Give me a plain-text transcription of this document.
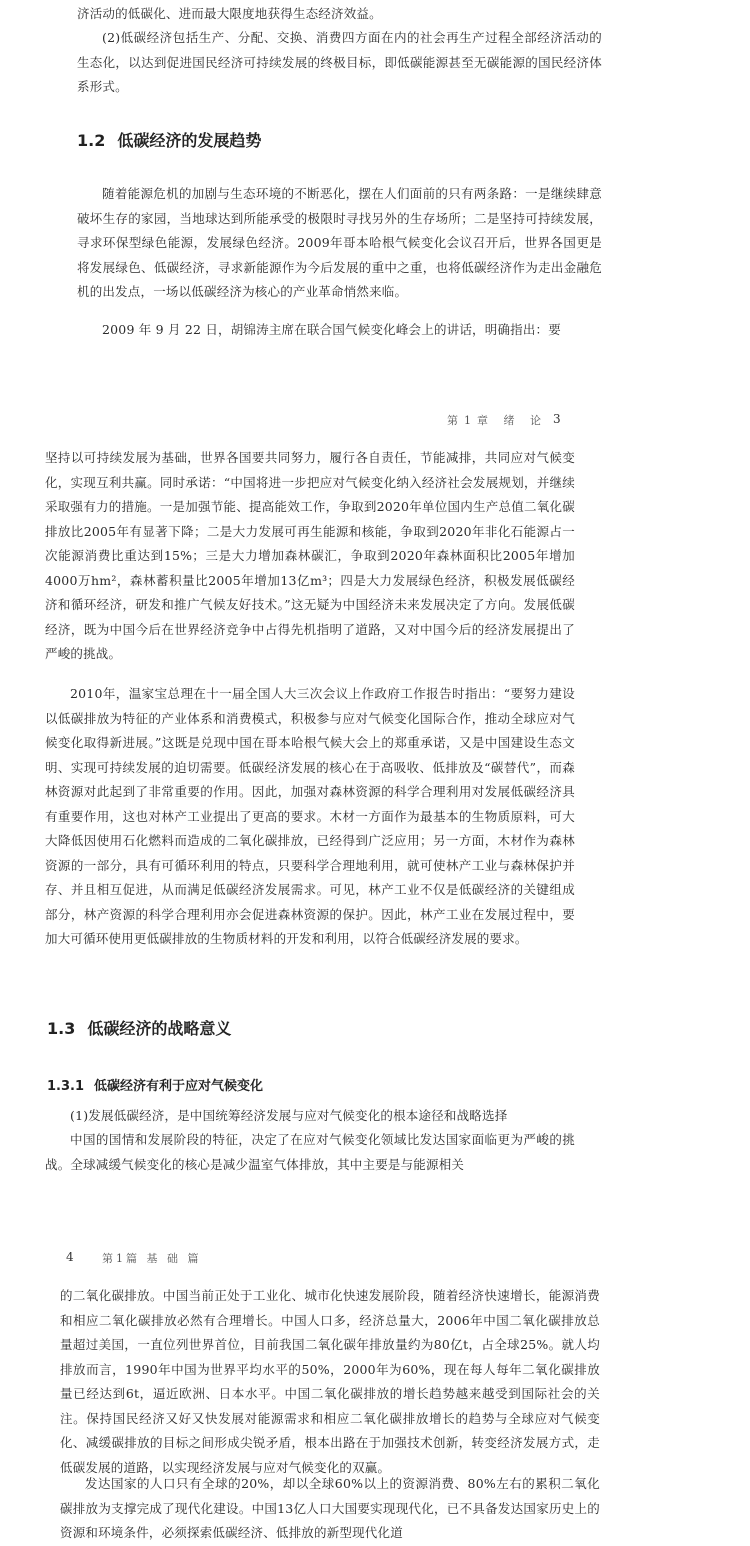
济活动的低碳化、进而最大限度地获得生态经济效益。

(2)低碳经济包括生产、分配、交换、消费四方面在内的社会再生产过程全部经济活动的生态化，以达到促进国民经济可持续发展的终极目标，即低碳能源甚至无碳能源的国民经济体系形式。

1.2 低碳经济的发展趋势

随着能源危机的加剧与生态环境的不断恶化，摆在人们面前的只有两条路：一是继续肆意破坏生存的家园，当地球达到所能承受的极限时寻找另外的生存场所；二是坚持可持续发展，寻求环保型绿色能源，发展绿色经济。2009年哥本哈根气候变化会议召开后，世界各国更是将发展绿色、低碳经济，寻求新能源作为今后发展的重中之重，也将低碳经济作为走出金融危机的出发点，一场以低碳经济为核心的产业革命悄然来临。

2009 年 9 月 22 日，胡锦涛主席在联合国气候变化峰会上的讲话，明确指出：要

第1章 绪 论 3

坚持以可持续发展为基础，世界各国要共同努力，履行各自责任，节能减排，共同应对气候变化，实现互利共赢。同时承诺：“中国将进一步把应对气候变化纳入经济社会发展规划，并继续采取强有力的措施。一是加强节能、提高能效工作，争取到2020年单位国内生产总值二氧化碳排放比2005年有显著下降；二是大力发展可再生能源和核能，争取到2020年非化石能源占一次能源消费比重达到15%；三是大力增加森林碳汇，争取到2020年森林面积比2005年增加4000万hm²，森林蓄积量比2005年增加13亿m³；四是大力发展绿色经济，积极发展低碳经济和循环经济，研发和推广气候友好技术。”这无疑为中国经济未来发展决定了方向。发展低碳经济，既为中国今后在世界经济竞争中占得先机指明了道路，又对中国今后的经济发展提出了严峻的挑战。

2010年，温家宝总理在十一届全国人大三次会议上作政府工作报告时指出：“要努力建设以低碳排放为特征的产业体系和消费模式，积极参与应对气候变化国际合作，推动全球应对气候变化取得新进展。”这既是兑现中国在哥本哈根气候大会上的郑重承诺，又是中国建设生态文明、实现可持续发展的迫切需要。低碳经济发展的核心在于高吸收、低排放及“碳替代”，而森林资源对此起到了非常重要的作用。因此，加强对森林资源的科学合理利用对发展低碳经济具有重要作用，这也对林产工业提出了更高的要求。木材一方面作为最基本的生物质原料，可大大降低因使用石化燃料而造成的二氧化碳排放，已经得到广泛应用；另一方面，木材作为森林资源的一部分，具有可循环利用的特点，只要科学合理地利用，就可使林产工业与森林保护并存、并且相互促进，从而满足低碳经济发展需求。可见，林产工业不仅是低碳经济的关键组成部分，林产资源的科学合理利用亦会促进森林资源的保护。因此，林产工业在发展过程中，要加大可循环使用更低碳排放的生物质材料的开发和利用，以符合低碳经济发展的要求。

1.3 低碳经济的战略意义
1.3.1 低碳经济有利于应对气候变化

(1)发展低碳经济，是中国统筹经济发展与应对气候变化的根本途径和战略选择

中国的国情和发展阶段的特征，决定了在应对气候变化领域比发达国家面临更为严峻的挑战。全球减缓气候变化的核心是减少温室气体排放，其中主要是与能源相关

4	第1篇 基 础 篇

的二氧化碳排放。中国当前正处于工业化、城市化快速发展阶段，随着经济快速增长，能源消费和相应二氧化碳排放必然有合理增长。中国人口多，经济总量大，2006年中国二氧化碳排放总量超过美国，一直位列世界首位，目前我国二氧化碳年排放量约为80亿t，占全球25%。就人均排放而言，1990年中国为世界平均水平的50%，2000年为60%，现在每人每年二氧化碳排放量已经达到6t，逼近欧洲、日本水平。中国二氧化碳排放的增长趋势越来越受到国际社会的关注。保持国民经济又好又快发展对能源需求和相应二氧化碳排放增长的趋势与全球应对气候变化、减缓碳排放的目标之间形成尖锐矛盾，根本出路在于加强技术创新，转变经济发展方式，走低碳发展的道路，以实现经济发展与应对气候变化的双赢。

发达国家的人口只有全球的20%，却以全球60%以上的资源消费、80%左右的累积二氧化碳排放为支撑完成了现代化建设。中国13亿人口大国要实现现代化，已不具备发达国家历史上的资源和环境条件，必须探索低碳经济、低排放的新型现代化道
